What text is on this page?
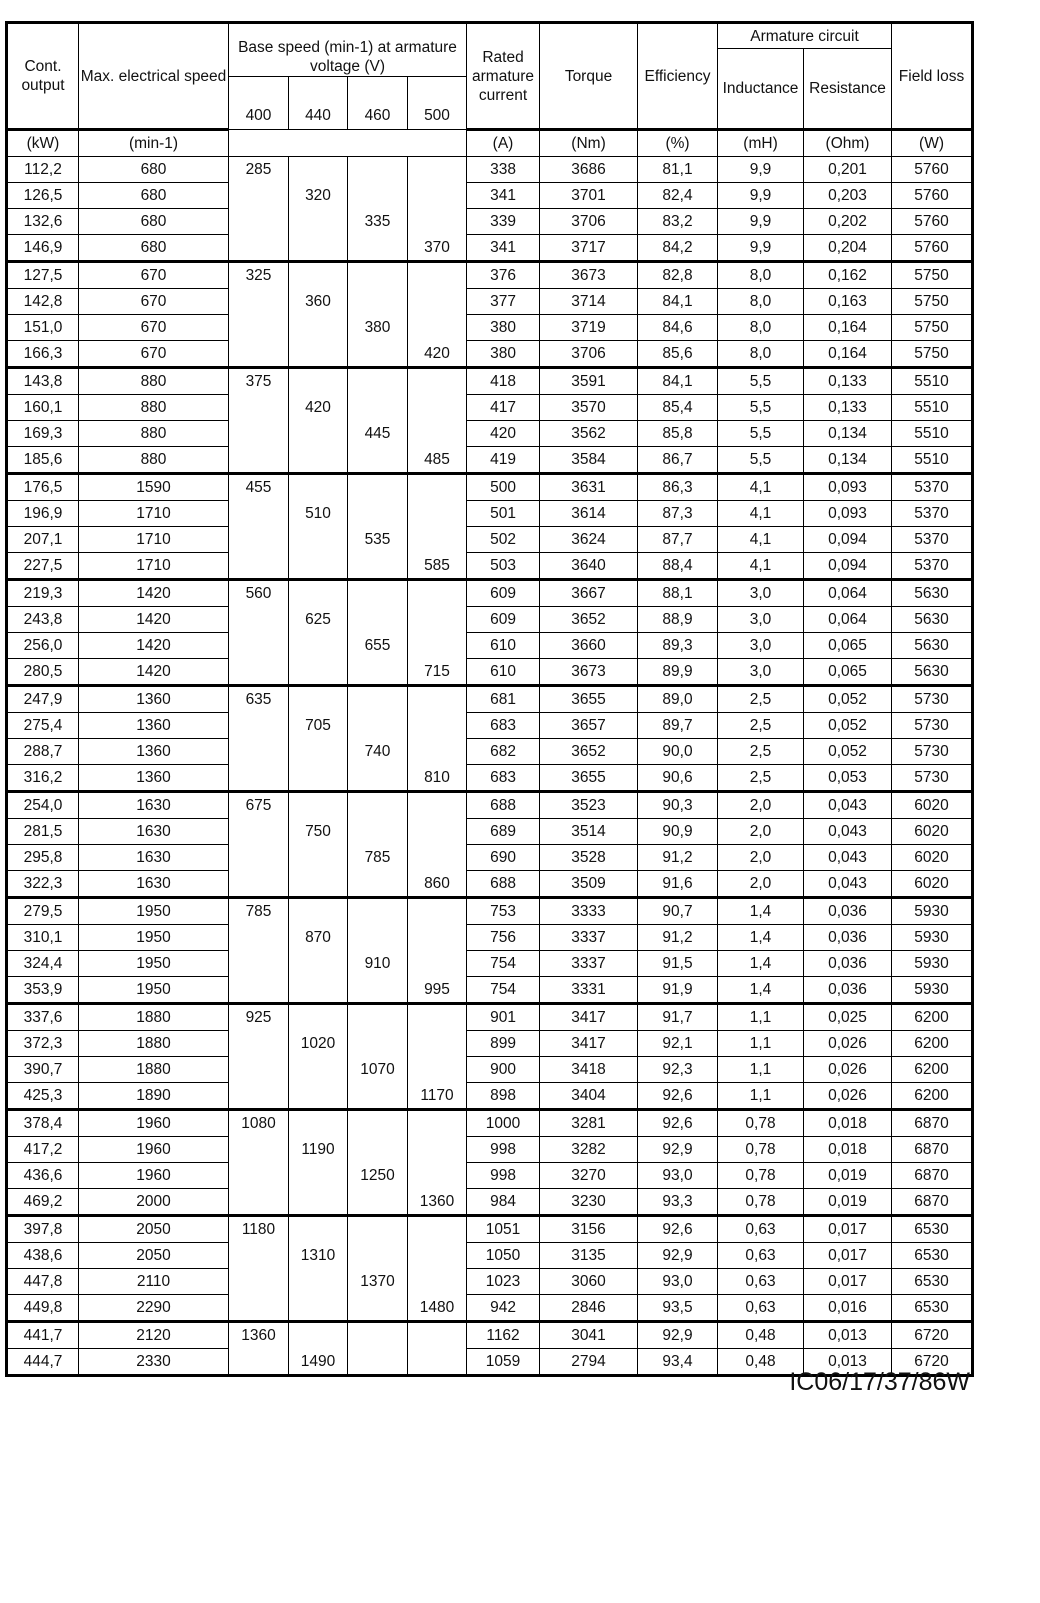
Cont. output	Max. electrical speed	Base speed (min-1) at armature voltage (V)				Rated armature current	Torque	Efficiency	Armature circuit		Field loss
									Inductance	Resistance	
		400	440	460	500						
(kW)	(min-1)					(A)	(Nm)	(%)	(mH)	(Ohm)	(W)
112,2	680	285				338	3686	81,1	9,9	0,201	5760
126,5	680		320			341	3701	82,4	9,9	0,203	5760
132,6	680			335		339	3706	83,2	9,9	0,202	5760
146,9	680				370	341	3717	84,2	9,9	0,204	5760
127,5	670	325				376	3673	82,8	8,0	0,162	5750
142,8	670		360			377	3714	84,1	8,0	0,163	5750
151,0	670			380		380	3719	84,6	8,0	0,164	5750
166,3	670				420	380	3706	85,6	8,0	0,164	5750
143,8	880	375				418	3591	84,1	5,5	0,133	5510
160,1	880		420			417	3570	85,4	5,5	0,133	5510
169,3	880			445		420	3562	85,8	5,5	0,134	5510
185,6	880				485	419	3584	86,7	5,5	0,134	5510
176,5	1590	455				500	3631	86,3	4,1	0,093	5370
196,9	1710		510			501	3614	87,3	4,1	0,093	5370
207,1	1710			535		502	3624	87,7	4,1	0,094	5370
227,5	1710				585	503	3640	88,4	4,1	0,094	5370
219,3	1420	560				609	3667	88,1	3,0	0,064	5630
243,8	1420		625			609	3652	88,9	3,0	0,064	5630
256,0	1420			655		610	3660	89,3	3,0	0,065	5630
280,5	1420				715	610	3673	89,9	3,0	0,065	5630
247,9	1360	635				681	3655	89,0	2,5	0,052	5730
275,4	1360		705			683	3657	89,7	2,5	0,052	5730
288,7	1360			740		682	3652	90,0	2,5	0,052	5730
316,2	1360				810	683	3655	90,6	2,5	0,053	5730
254,0	1630	675				688	3523	90,3	2,0	0,043	6020
281,5	1630		750			689	3514	90,9	2,0	0,043	6020
295,8	1630			785		690	3528	91,2	2,0	0,043	6020
322,3	1630				860	688	3509	91,6	2,0	0,043	6020
279,5	1950	785				753	3333	90,7	1,4	0,036	5930
310,1	1950		870			756	3337	91,2	1,4	0,036	5930
324,4	1950			910		754	3337	91,5	1,4	0,036	5930
353,9	1950				995	754	3331	91,9	1,4	0,036	5930
337,6	1880	925				901	3417	91,7	1,1	0,025	6200
372,3	1880		1020			899	3417	92,1	1,1	0,026	6200
390,7	1880			1070		900	3418	92,3	1,1	0,026	6200
425,3	1890				1170	898	3404	92,6	1,1	0,026	6200
378,4	1960	1080				1000	3281	92,6	0,78	0,018	6870
417,2	1960		1190			998	3282	92,9	0,78	0,018	6870
436,6	1960			1250		998	3270	93,0	0,78	0,019	6870
469,2	2000				1360	984	3230	93,3	0,78	0,019	6870
397,8	2050	1180				1051	3156	92,6	0,63	0,017	6530
438,6	2050		1310			1050	3135	92,9	0,63	0,017	6530
447,8	2110			1370		1023	3060	93,0	0,63	0,017	6530
449,8	2290				1480	942	2846	93,5	0,63	0,016	6530
441,7	2120	1360				1162	3041	92,9	0,48	0,013	6720
444,7	2330		1490			1059	2794	93,4	0,48	0,013	6720
IC06/17/37/86W
